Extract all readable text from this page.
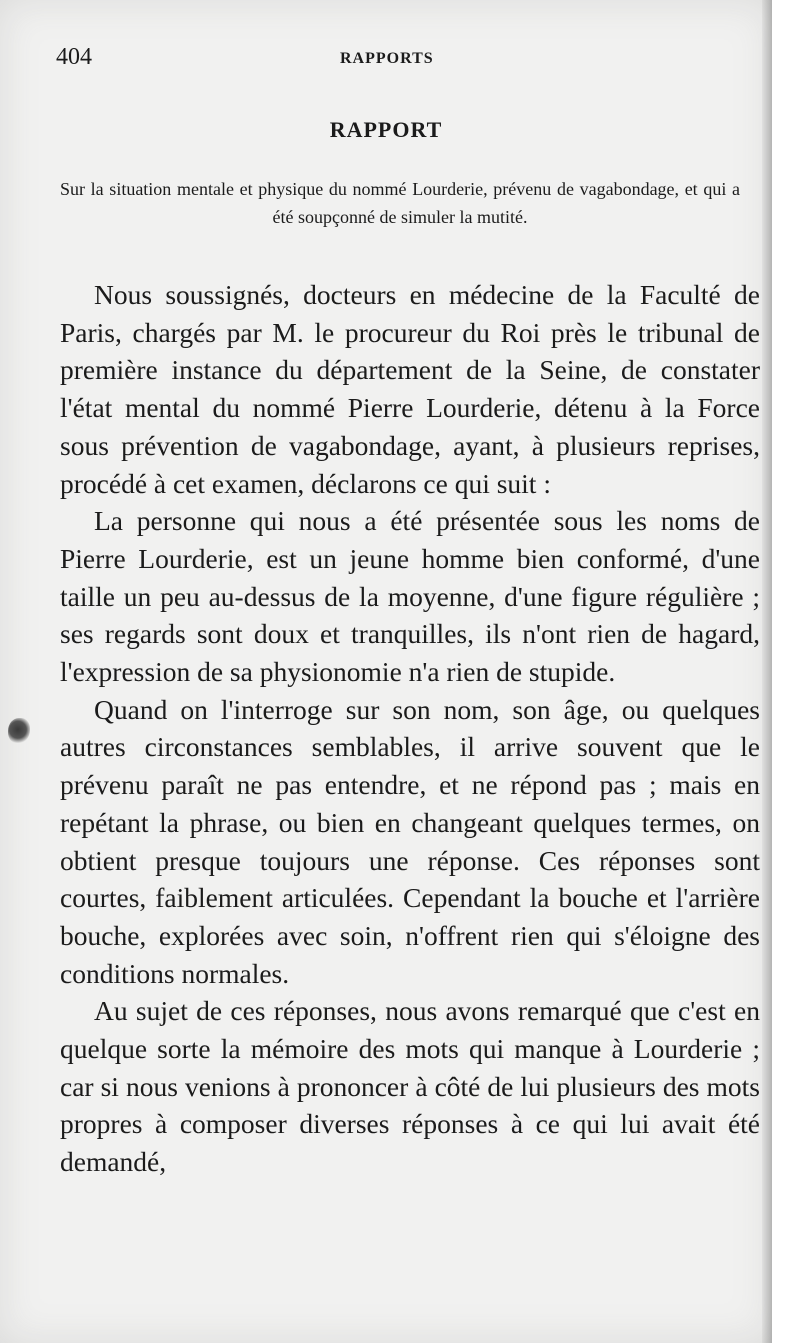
404	RAPPORTS
RAPPORT
Sur la situation mentale et physique du nommé Lourderie, prévenu de vagabondage, et qui a été soupçonné de simuler la mutité.

Nous soussignés, docteurs en médecine de la Faculté de Paris, chargés par M. le procureur du Roi près le tribunal de première instance du département de la Seine, de constater l'état mental du nommé Pierre Lourderie, détenu à la Force sous prévention de vagabondage, ayant, à plusieurs reprises, procédé à cet examen, déclarons ce qui suit :

La personne qui nous a été présentée sous les noms de Pierre Lourderie, est un jeune homme bien conformé, d'une taille un peu au-dessus de la moyenne, d'une figure régulière ; ses regards sont doux et tranquilles, ils n'ont rien de hagard, l'expression de sa physionomie n'a rien de stupide.

Quand on l'interroge sur son nom, son âge, ou quelques autres circonstances semblables, il arrive souvent que le prévenu paraît ne pas entendre, et ne répond pas ; mais en repétant la phrase, ou bien en changeant quelques termes, on obtient presque toujours une réponse. Ces réponses sont courtes, faiblement articulées. Cependant la bouche et l'arrière bouche, explorées avec soin, n'offrent rien qui s'éloigne des conditions normales.

Au sujet de ces réponses, nous avons remarqué que c'est en quelque sorte la mémoire des mots qui manque à Lourderie ; car si nous venions à prononcer à côté de lui plusieurs des mots propres à composer diverses réponses à ce qui lui avait été demandé,
